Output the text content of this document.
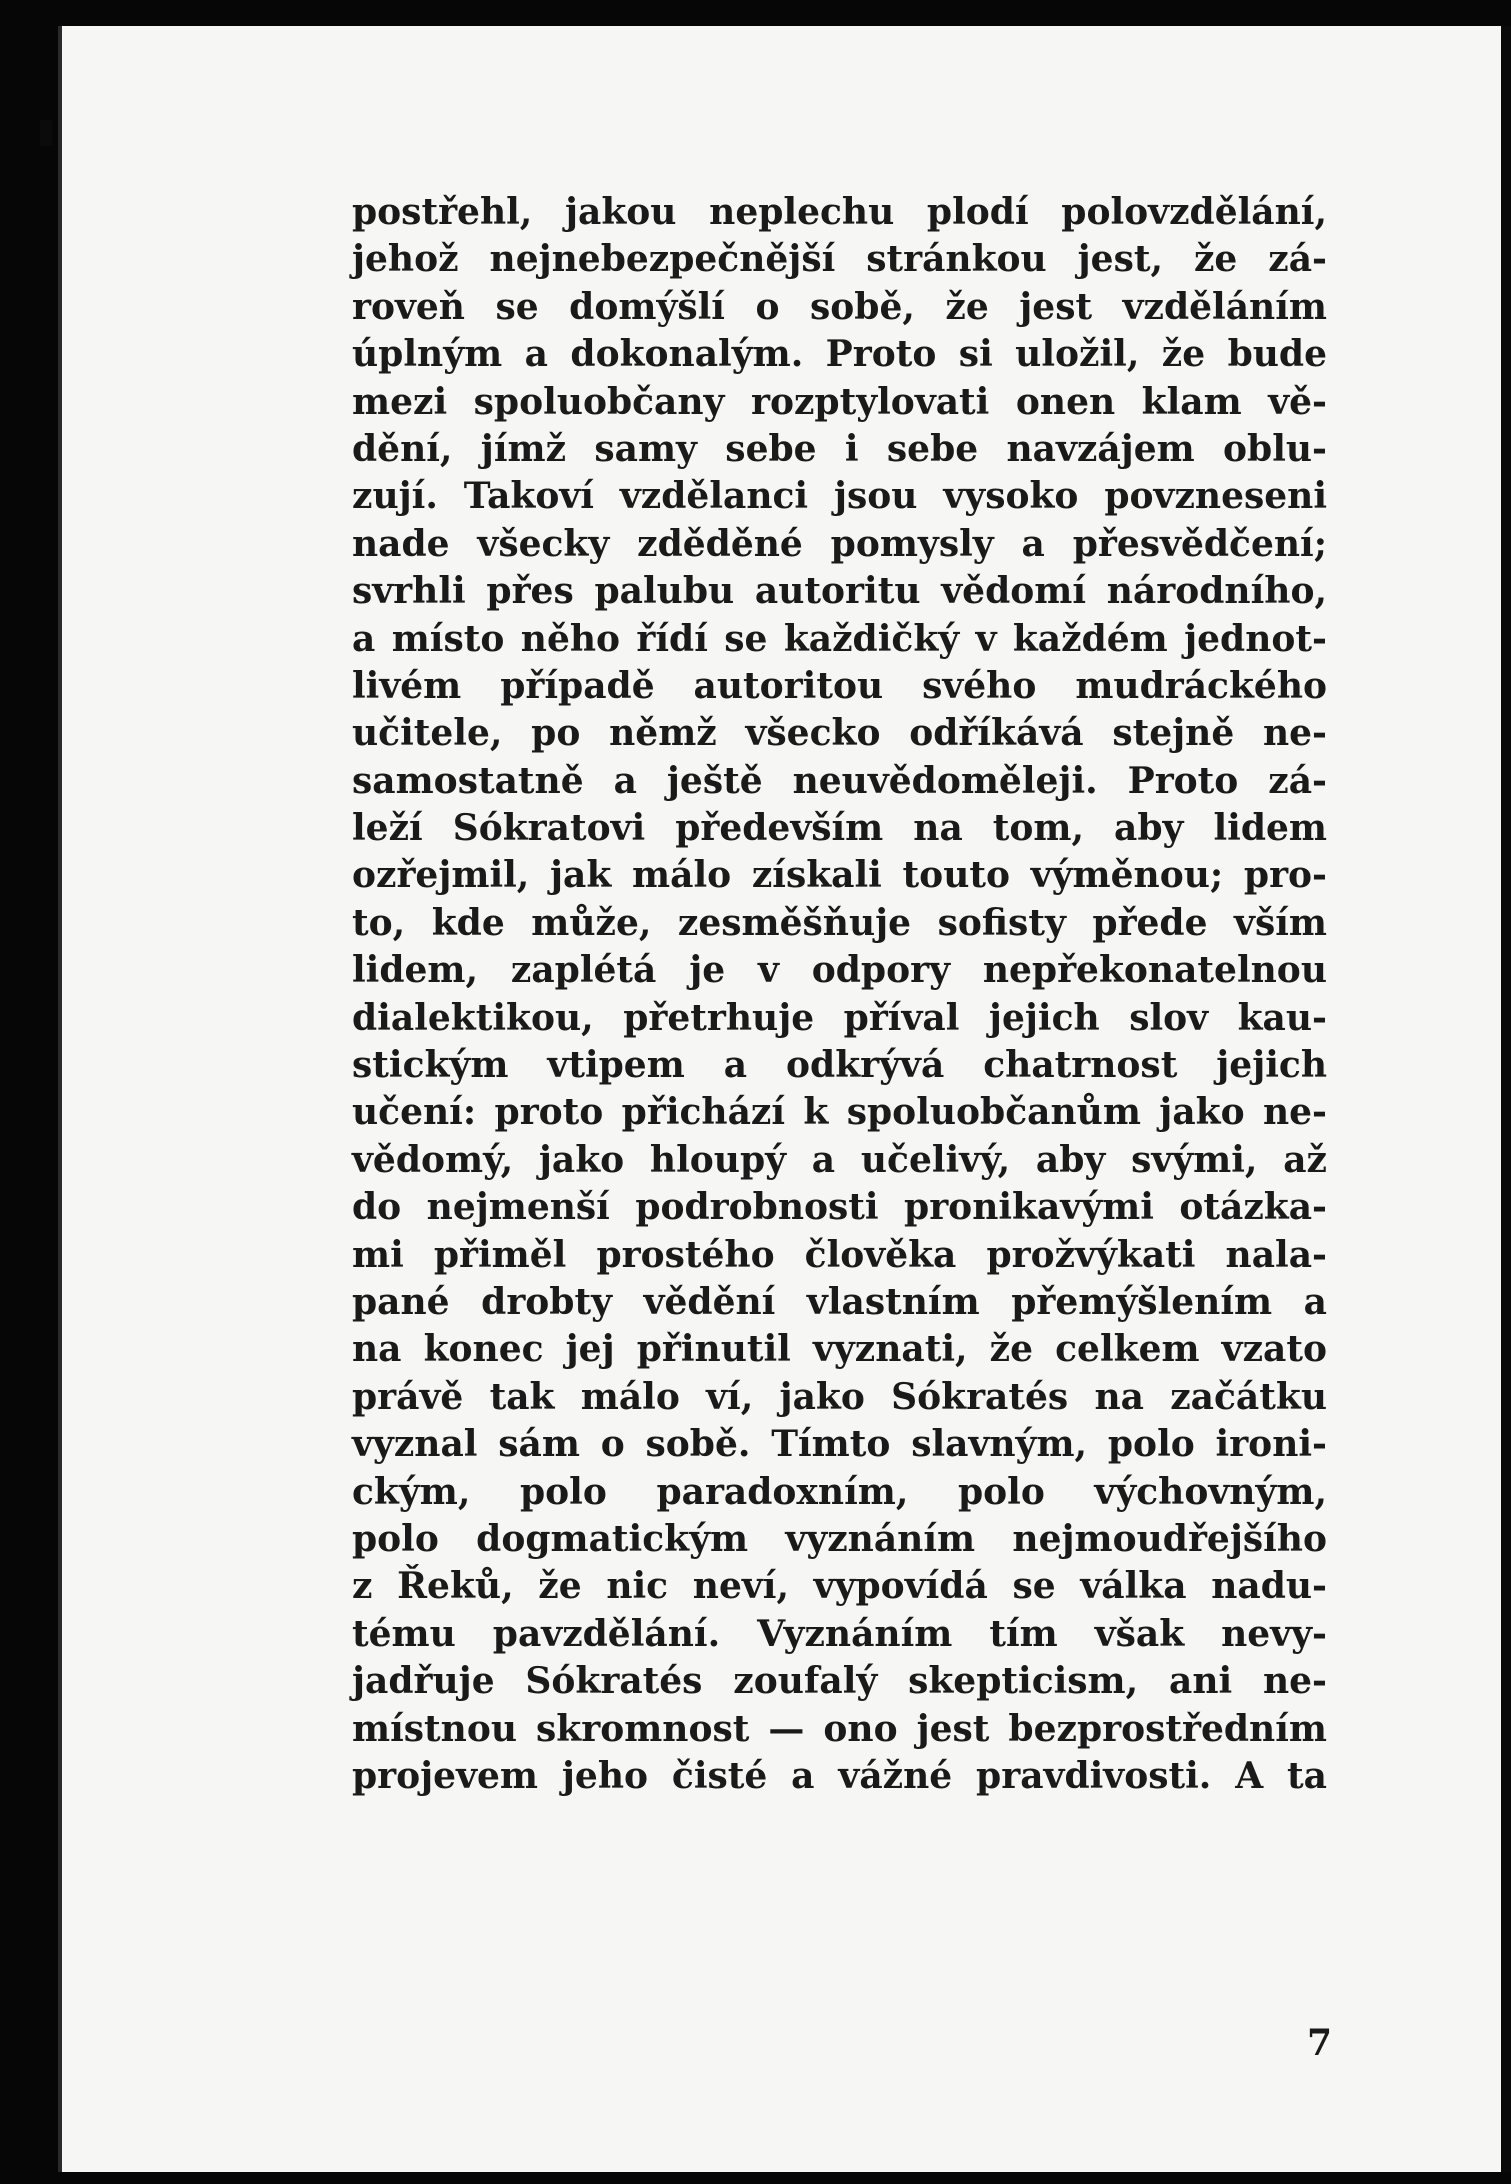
postřehl, jakou neplechu plodí polovzdělání,
jehož nejnebezpečnější stránkou jest, že zá-
roveň se domýšlí o sobě, že jest vzděláním
úplným a dokonalým. Proto si uložil, že bude
mezi spoluobčany rozptylovati onen klam vě-
dění, jímž samy sebe i sebe navzájem oblu-
zují. Takoví vzdělanci jsou vysoko povzneseni
nade všecky zděděné pomysly a přesvědčení;
svrhli přes palubu autoritu vědomí národního,
a místo něho řídí se každičký v každém jednot-
livém případě autoritou svého mudráckého
učitele, po němž všecko odříkává stejně ne-
samostatně a ještě neuvědoměleji. Proto zá-
leží Sókratovi především na tom, aby lidem
ozřejmil, jak málo získali touto výměnou; pro-
to, kde může, zesměšňuje sofisty přede vším
lidem, zaplétá je v odpory nepřekonatelnou
dialektikou, přetrhuje příval jejich slov kau-
stickým vtipem a odkrývá chatrnost jejich
učení: proto přichází k spoluobčanům jako ne-
vědomý, jako hloupý a učelivý, aby svými, až
do nejmenší podrobnosti pronikavými otázka-
mi přiměl prostého člověka prožvýkati nala-
pané drobty vědění vlastním přemýšlením a
na konec jej přinutil vyznati, že celkem vzato
právě tak málo ví, jako Sókratés na začátku
vyznal sám o sobě. Tímto slavným, polo ironi-
ckým, polo paradoxním, polo výchovným,
polo dogmatickým vyznáním nejmoudřejšího
z Řeků, že nic neví, vypovídá se válka nadu-
tému pavzdělání. Vyznáním tím však nevy-
jadřuje Sókratés zoufalý skepticism, ani ne-
místnou skromnost — ono jest bezprostředním
projevem jeho čisté a vážné pravdivosti. A ta
7
